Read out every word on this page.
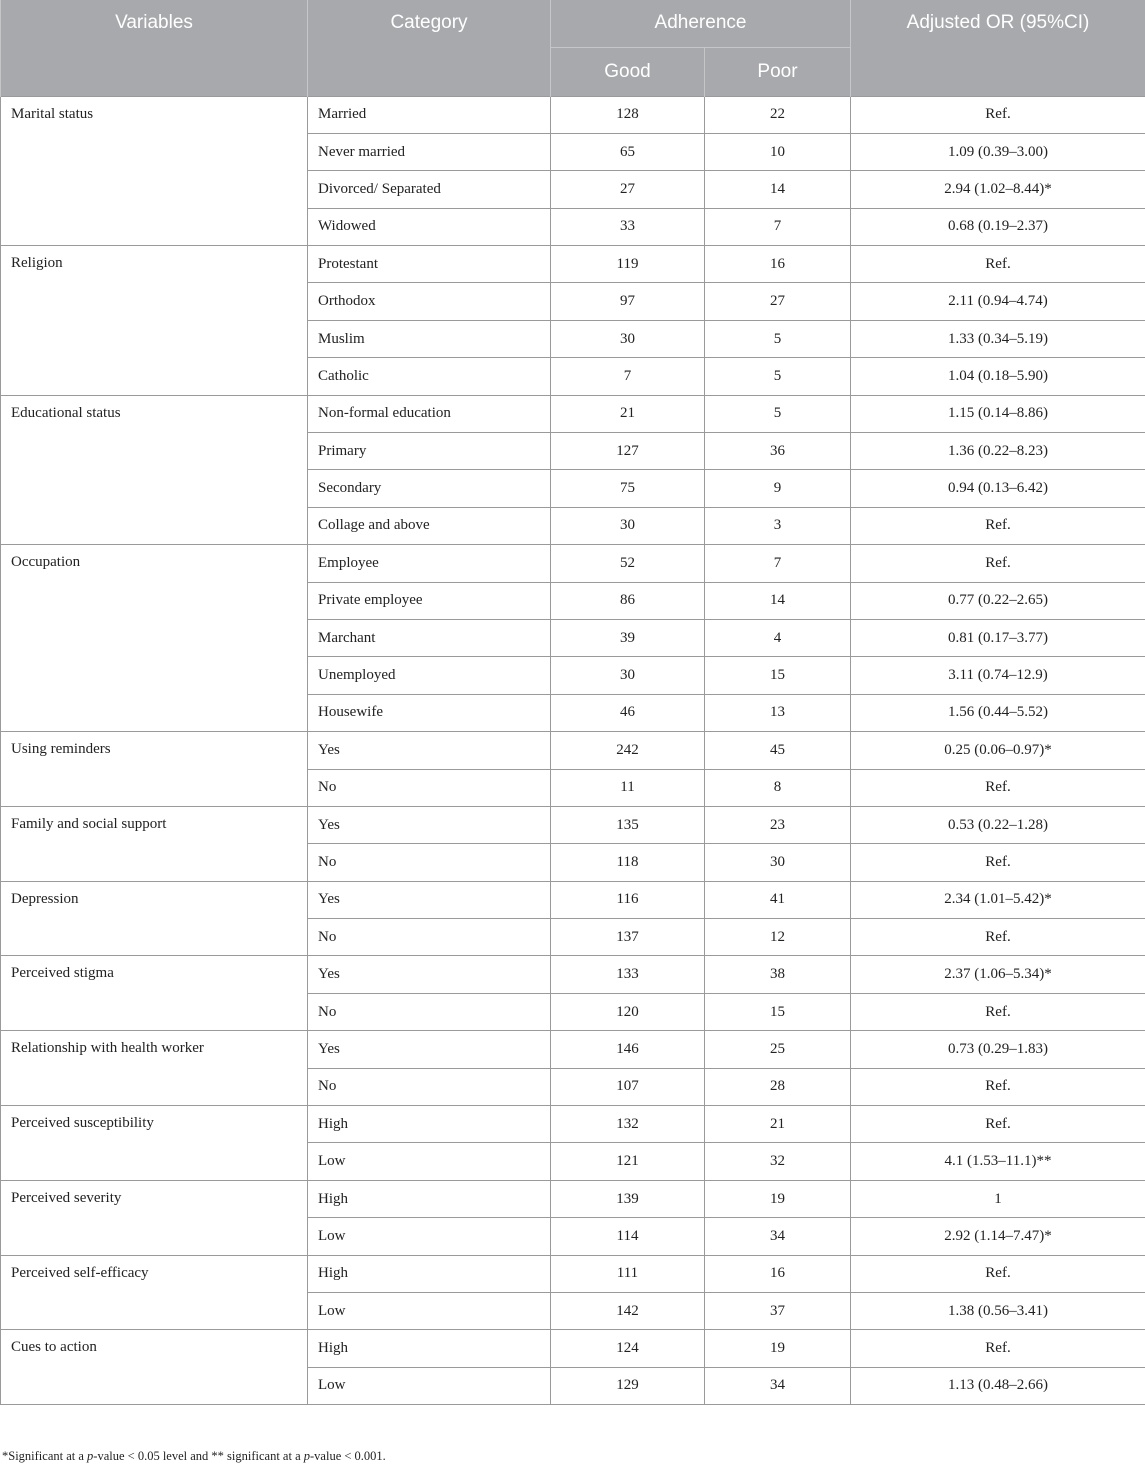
Variables	Category	Adherence		Adjusted OR (95%CI)
		Good	Poor	
Marital status	Married	128	22	Ref.
	Never married	65	10	1.09 (0.39–3.00)
	Divorced/ Separated	27	14	2.94 (1.02–8.44)*
	Widowed	33	7	0.68 (0.19–2.37)
Religion	Protestant	119	16	Ref.
	Orthodox	97	27	2.11 (0.94–4.74)
	Muslim	30	5	1.33 (0.34–5.19)
	Catholic	7	5	1.04 (0.18–5.90)
Educational status	Non-formal education	21	5	1.15 (0.14–8.86)
	Primary	127	36	1.36 (0.22–8.23)
	Secondary	75	9	0.94 (0.13–6.42)
	Collage and above	30	3	Ref.
Occupation	Employee	52	7	Ref.
	Private employee	86	14	0.77 (0.22–2.65)
	Marchant	39	4	0.81 (0.17–3.77)
	Unemployed	30	15	3.11 (0.74–12.9)
	Housewife	46	13	1.56 (0.44–5.52)
Using reminders	Yes	242	45	0.25 (0.06–0.97)*
	No	11	8	Ref.
Family and social support	Yes	135	23	0.53 (0.22–1.28)
	No	118	30	Ref.
Depression	Yes	116	41	2.34 (1.01–5.42)*
	No	137	12	Ref.
Perceived stigma	Yes	133	38	2.37 (1.06–5.34)*
	No	120	15	Ref.
Relationship with health worker	Yes	146	25	0.73 (0.29–1.83)
	No	107	28	Ref.
Perceived susceptibility	High	132	21	Ref.
	Low	121	32	4.1 (1.53–11.1)**
Perceived severity	High	139	19	1
	Low	114	34	2.92 (1.14–7.47)*
Perceived self-efficacy	High	111	16	Ref.
	Low	142	37	1.38 (0.56–3.41)
Cues to action	High	124	19	Ref.
	Low	129	34	1.13 (0.48–2.66)
*Significant at a p-value < 0.05 level and ** significant at a p-value < 0.001.
